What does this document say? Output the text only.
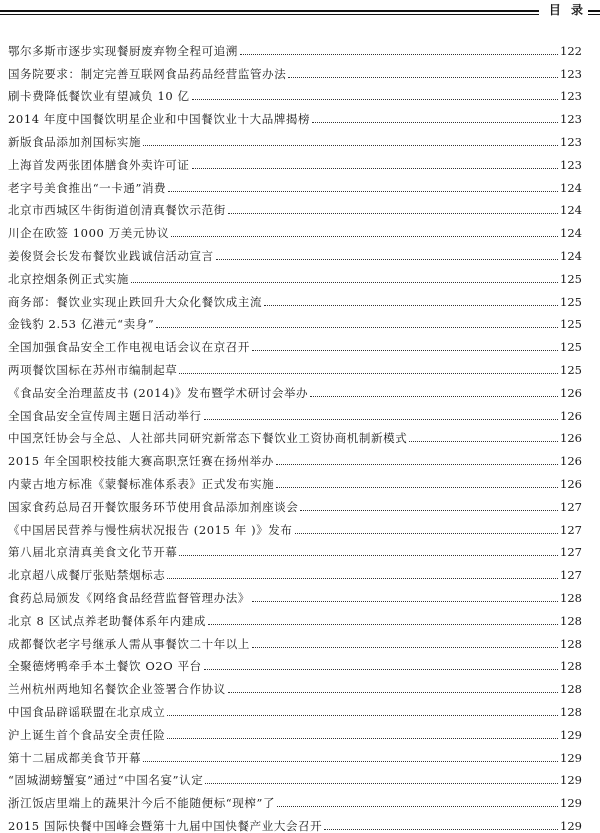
目 录
鄂尔多斯市逐步实现餐厨废弃物全程可追溯	122
国务院要求：制定完善互联网食品药品经营监管办法	123
刷卡费降低餐饮业有望减负 10 亿	123
2014 年度中国餐饮明星企业和中国餐饮业十大品牌揭榜	123
新版食品添加剂国标实施	123
上海首发两张团体膳食外卖许可证	123
老字号美食推出“一卡通”消费	124
北京市西城区牛街街道创清真餐饮示范街	124
川企在欧签 1000 万美元协议	124
姜俊贤会长发布餐饮业践诚信活动宣言	124
北京控烟条例正式实施	125
商务部：餐饮业实现止跌回升大众化餐饮成主流	125
金钱豹 2.53 亿港元“卖身”	125
全国加强食品安全工作电视电话会议在京召开	125
两项餐饮国标在苏州市编制起草	125
《食品安全治理蓝皮书 (2014)》发布暨学术研讨会举办	126
全国食品安全宣传周主题日活动举行	126
中国烹饪协会与全总、人社部共同研究新常态下餐饮业工资协商机制新模式	126
2015 年全国职校技能大赛高职烹饪赛在扬州举办	126
内蒙古地方标准《蒙餐标准体系表》正式发布实施	126
国家食药总局召开餐饮服务环节使用食品添加剂座谈会	127
《中国居民营养与慢性病状况报告 (2015 年 )》发布	127
第八届北京清真美食文化节开幕	127
北京超八成餐厅张贴禁烟标志	127
食药总局颁发《网络食品经营监督管理办法》	128
北京 8 区试点养老助餐体系年内建成	128
成都餐饮老字号继承人需从事餐饮二十年以上	128
全聚德烤鸭牵手本土餐饮 O2O 平台	128
兰州杭州两地知名餐饮企业签署合作协议	128
中国食品辟谣联盟在北京成立	128
沪上诞生首个食品安全责任险	129
第十二届成都美食节开幕	129
“固城湖螃蟹宴”通过“中国名宴”认定	129
浙江饭店里端上的蔬果汁今后不能随便标“现榨”了	129
2015 国际快餐中国峰会暨第十九届中国快餐产业大会召开	129
